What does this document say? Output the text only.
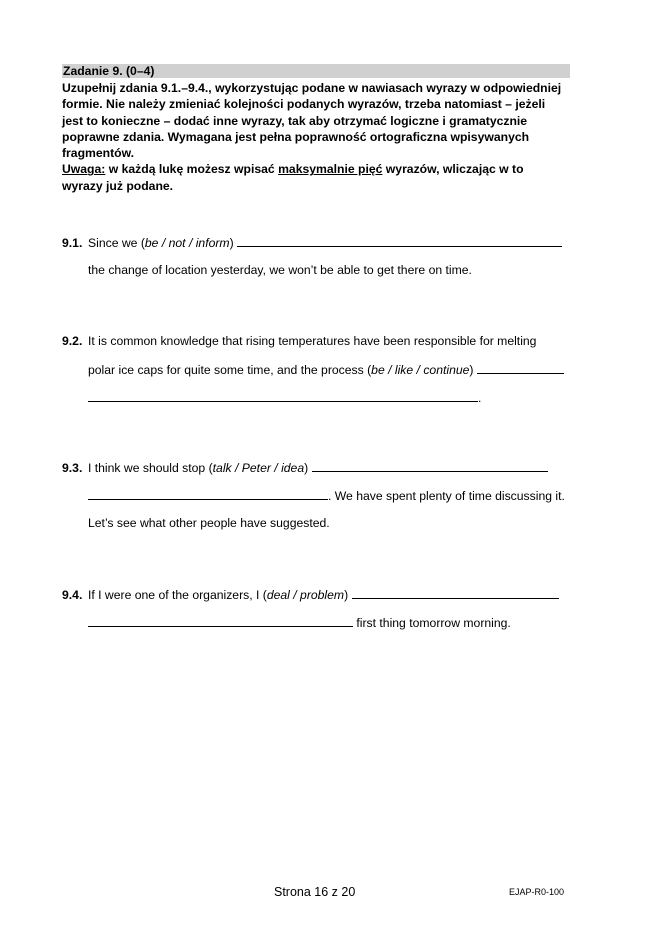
Zadanie 9. (0–4)
Uzupełnij zdania 9.1.–9.4., wykorzystując podane w nawiasach wyrazy w odpowiedniej
formie. Nie należy zmieniać kolejności podanych wyrazów, trzeba natomiast – jeżeli
jest to konieczne – dodać inne wyrazy, tak aby otrzymać logiczne i gramatycznie
poprawne zdania. Wymagana jest pełna poprawność ortograficzna wpisywanych
fragmentów.
Uwaga: w każdą lukę możesz wpisać maksymalnie pięć wyrazów, wliczając w to
wyrazy już podane.
9.1. Since we (be / not / inform)
the change of location yesterday, we won’t be able to get there on time.
9.2. It is common knowledge that rising temperatures have been responsible for melting
polar ice caps for quite some time, and the process (be / like / continue)
.
9.3. I think we should stop (talk / Peter / idea)
. We have spent plenty of time discussing it.
Let’s see what other people have suggested.
9.4. If I were one of the organizers, I (deal / problem)
first thing tomorrow morning.
Strona 16 z 20	EJAP-R0-100
